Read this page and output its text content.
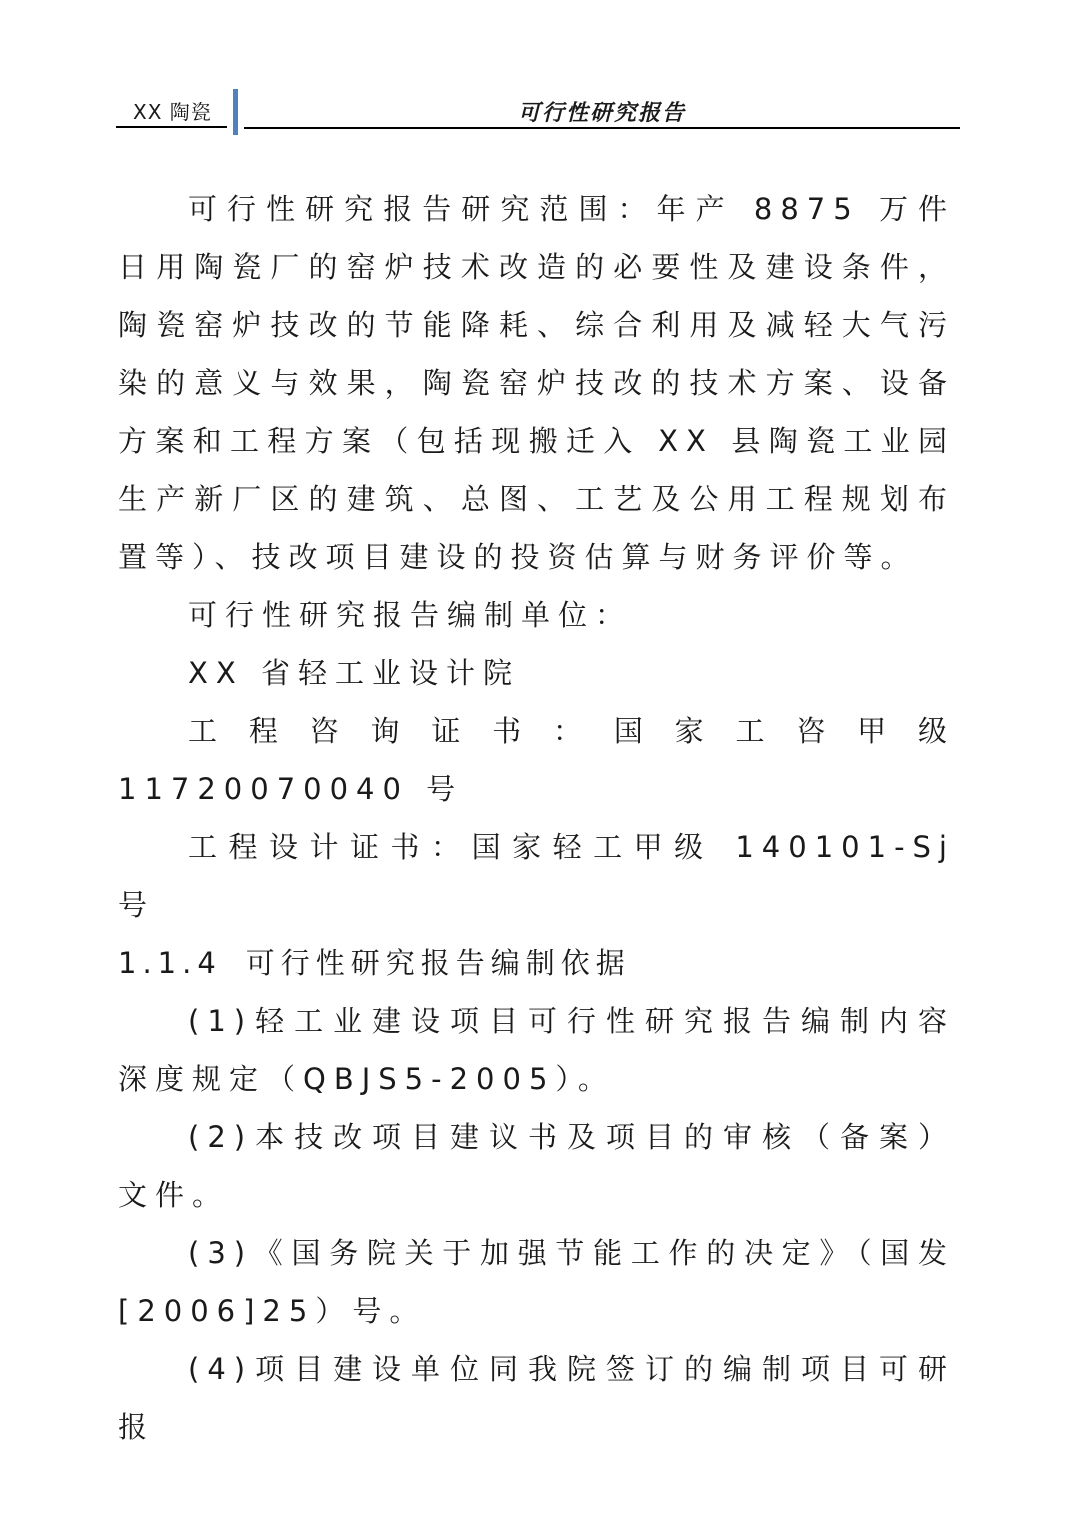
XX 陶瓷	可行性研究报告

可行性研究报告研究范围：年产 8875 万件日用陶瓷厂的窑炉技术改造的必要性及建设条件，陶瓷窑炉技改的节能降耗、综合利用及减轻大气污染的意义与效果，陶瓷窑炉技改的技术方案、设备方案和工程方案（包括现搬迁入 XX 县陶瓷工业园生产新厂区的建筑、总图、工艺及公用工程规划布置等）、技改项目建设的投资估算与财务评价等。

可行性研究报告编制单位：

XX 省轻工业设计院

工程咨询证书：国家工咨甲级 11720070040 号

工程设计证书：国家轻工甲级 140101-Sj 号

1.1.4 可行性研究报告编制依据

(1)轻工业建设项目可行性研究报告编制内容深度规定（QBJS5-2005）。

(2)本技改项目建议书及项目的审核（备案）文件。

(3)《国务院关于加强节能工作的决定》（国发[2006]25）号。

(4)项目建设单位同我院签订的编制项目可研报
